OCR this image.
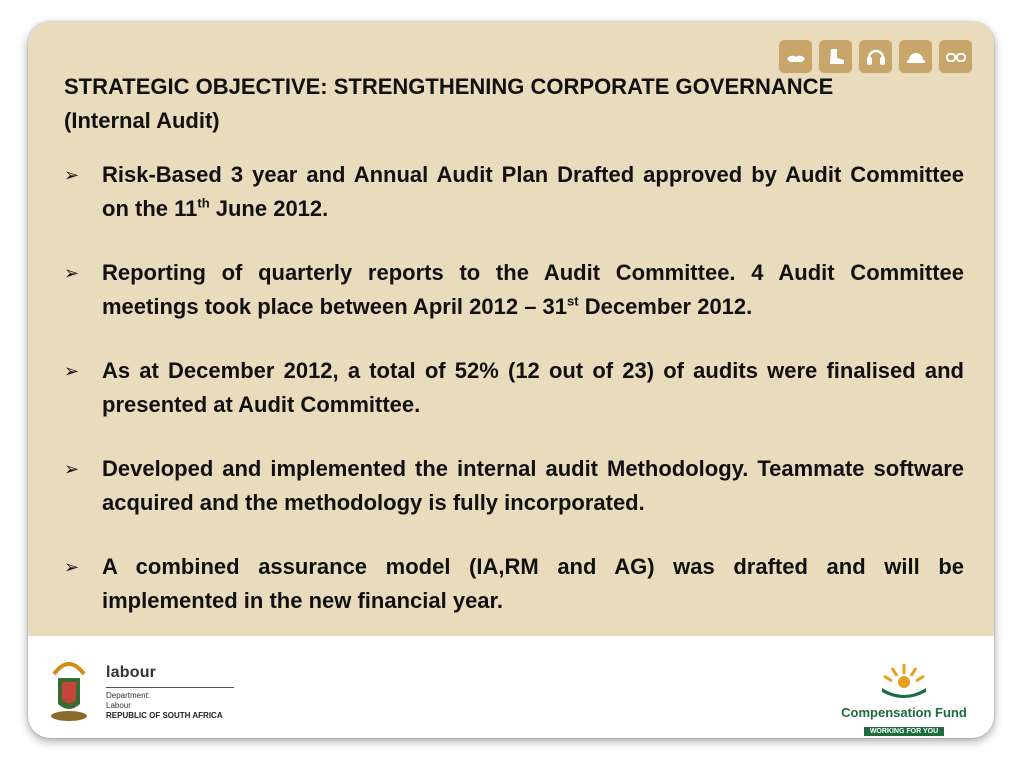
STRATEGIC OBJECTIVE: STRENGTHENING CORPORATE GOVERNANCE
(Internal Audit)
➢ Risk-Based 3 year and Annual Audit Plan Drafted approved by Audit Committee on the 11th June 2012.
➢ Reporting of quarterly reports to the Audit Committee. 4 Audit Committee meetings took place between April 2012 – 31st December 2012.
➢ As at December 2012, a total of 52% (12 out of 23) of audits were finalised and presented at Audit Committee.
➢ Developed and implemented the internal audit Methodology. Teammate software acquired and the methodology is fully incorporated.
➢ A combined assurance model (IA,RM and AG) was drafted and will be implemented in the new financial year.
labour
Department:
Labour
REPUBLIC OF SOUTH AFRICA	Compensation Fund
WORKING FOR YOU
